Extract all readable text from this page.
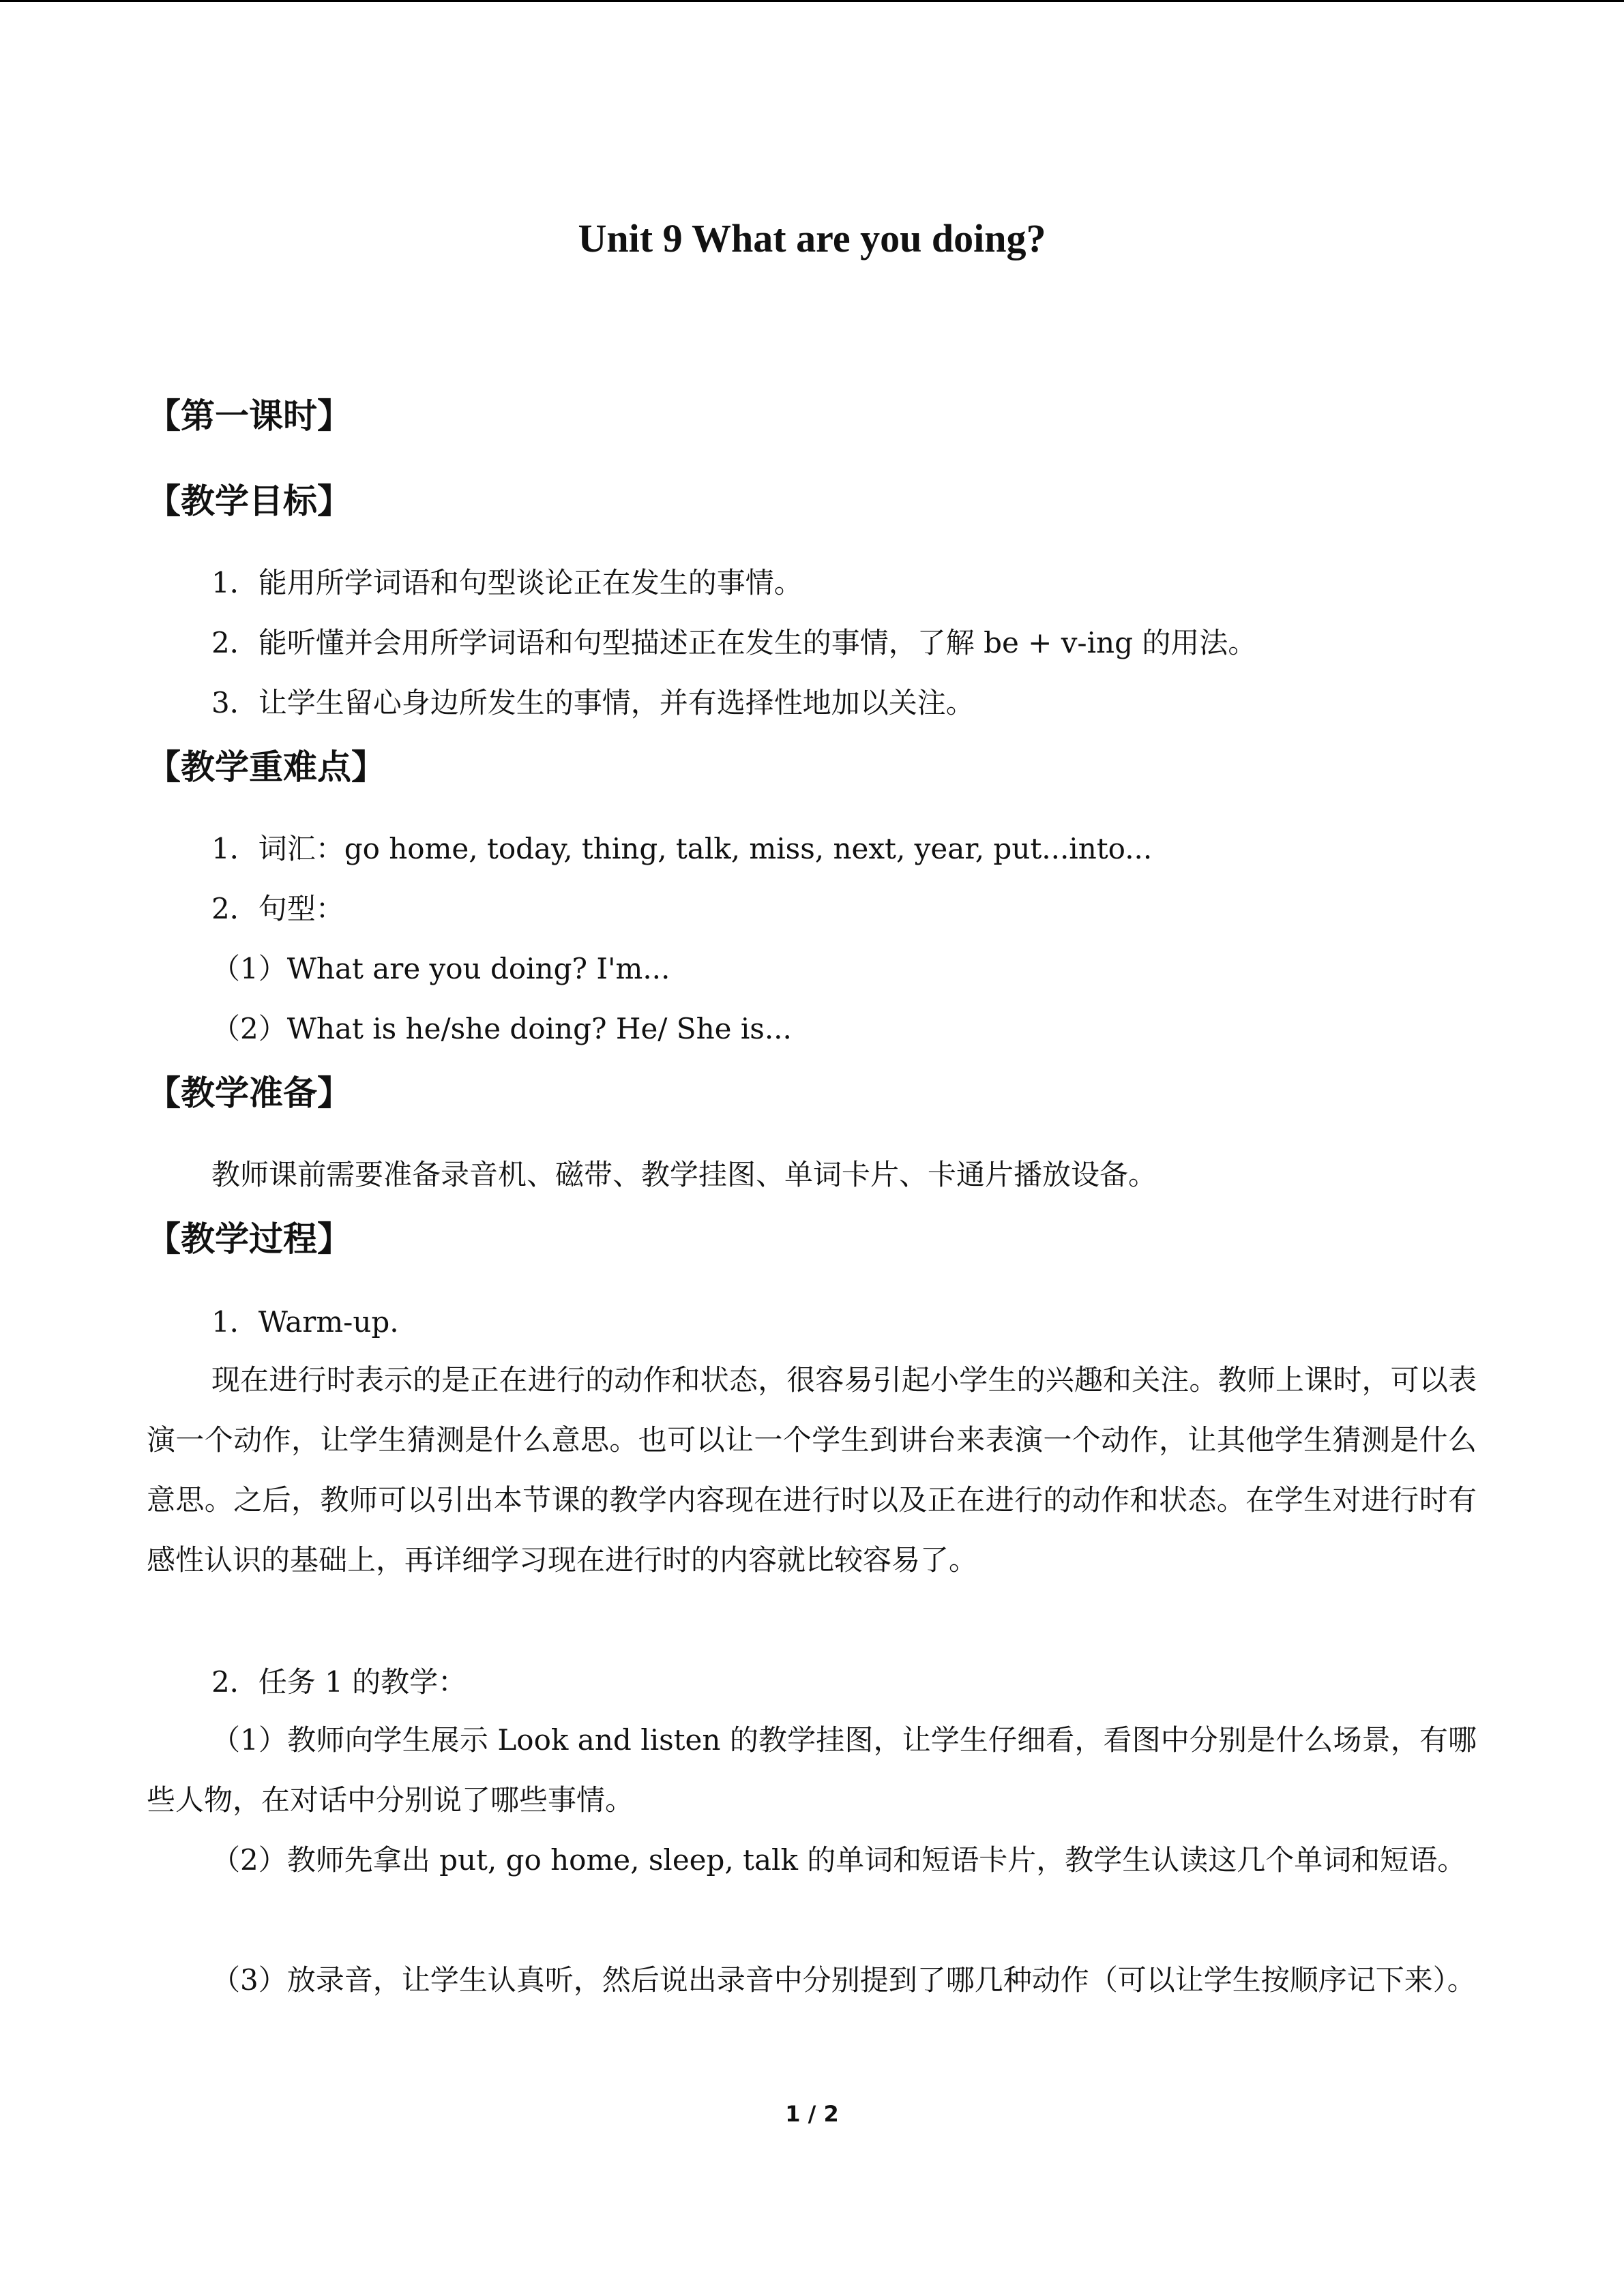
Unit 9 What are you doing?
【第一课时】
【教学目标】
1．能用所学词语和句型谈论正在发生的事情。
2．能听懂并会用所学词语和句型描述正在发生的事情，了解 be + v-ing 的用法。
3．让学生留心身边所发生的事情，并有选择性地加以关注。
【教学重难点】
1．词汇：go home, today, thing, talk, miss, next, year, put...into...
2．句型：
（1）What are you doing? I'm...
（2）What is he/she doing? He/ She is...
【教学准备】
教师课前需要准备录音机、磁带、教学挂图、单词卡片、卡通片播放设备。
【教学过程】
1．Warm-up.
现在进行时表示的是正在进行的动作和状态，很容易引起小学生的兴趣和关注。教师上课时，可以表演一个动作，让学生猜测是什么意思。也可以让一个学生到讲台来表演一个动作，让其他学生猜测是什么意思。之后，教师可以引出本节课的教学内容现在进行时以及正在进行的动作和状态。在学生对进行时有感性认识的基础上，再详细学习现在进行时的内容就比较容易了。
2．任务 1 的教学：
（1）教师向学生展示 Look and listen 的教学挂图，让学生仔细看，看图中分别是什么场景，有哪些人物，在对话中分别说了哪些事情。
（2）教师先拿出 put, go home, sleep, talk 的单词和短语卡片，教学生认读这几个单词和短语。
（3）放录音，让学生认真听，然后说出录音中分别提到了哪几种动作（可以让学生按顺序记下来）。
1 / 2
